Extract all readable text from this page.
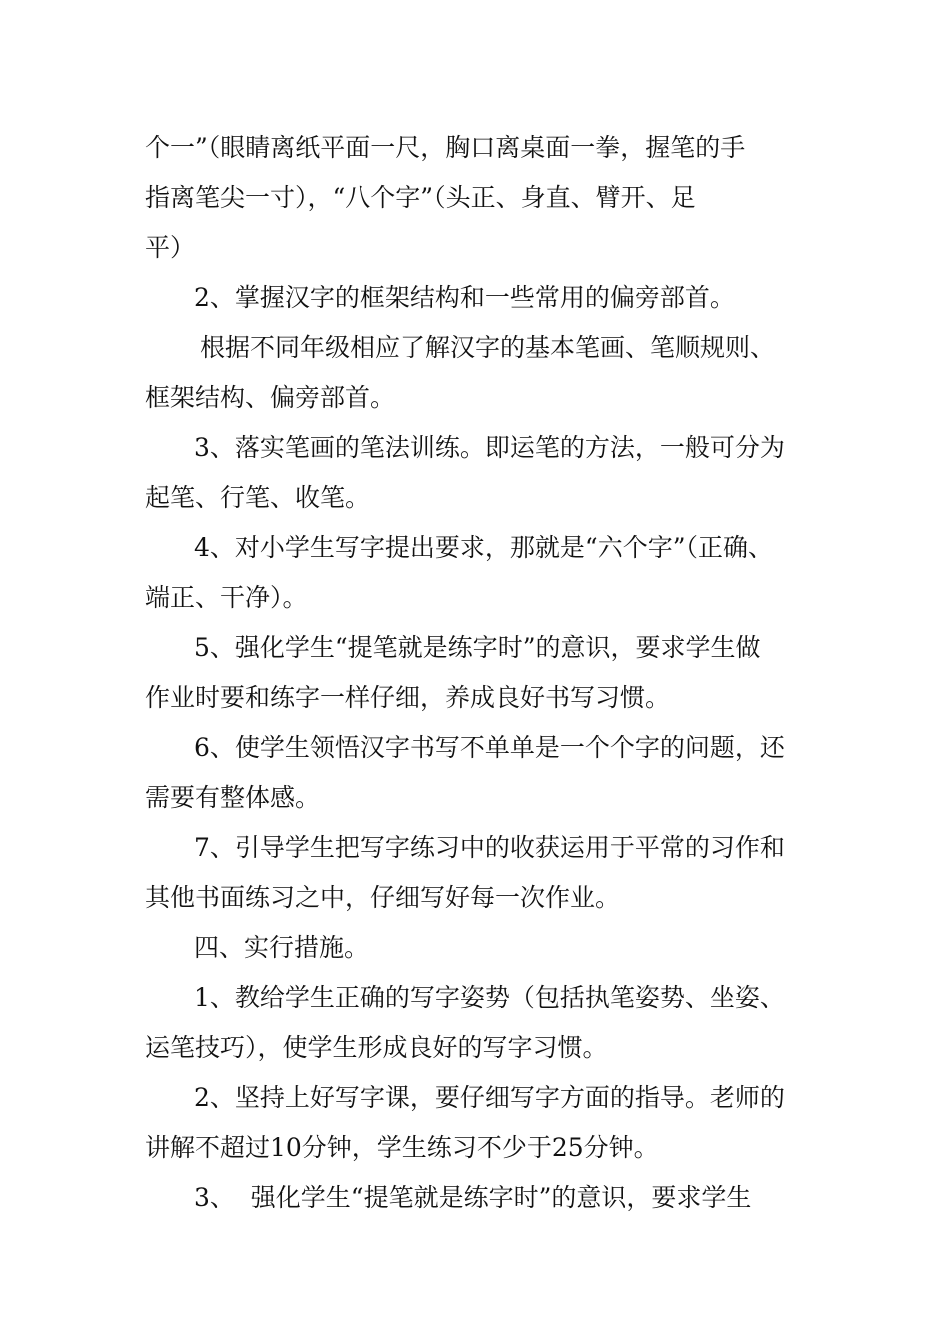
个一”（眼睛离纸平面一尺，胸口离桌面一拳，握笔的手
指离笔尖一寸），“八个字”（头正、身直、臂开、足
平）
2、掌握汉字的框架结构和一些常用的偏旁部首。
根据不同年级相应了解汉字的基本笔画、笔顺规则、
框架结构、偏旁部首。
3、落实笔画的笔法训练。即运笔的方法，一般可分为
起笔、行笔、收笔。
4、对小学生写字提出要求，那就是“六个字”（正确、
端正、干净）。
5、强化学生“提笔就是练字时”的意识，要求学生做
作业时要和练字一样仔细，养成良好书写习惯。
6、使学生领悟汉字书写不单单是一个个字的问题，还
需要有整体感。
7、引导学生把写字练习中的收获运用于平常的习作和
其他书面练习之中，仔细写好每一次作业。
四、实行措施。
1、教给学生正确的写字姿势（包括执笔姿势、坐姿、
运笔技巧），使学生形成良好的写字习惯。
2、坚持上好写字课，要仔细写字方面的指导。老师的
讲解不超过10分钟，学生练习不少于25分钟。
3、  强化学生“提笔就是练字时”的意识，要求学生
